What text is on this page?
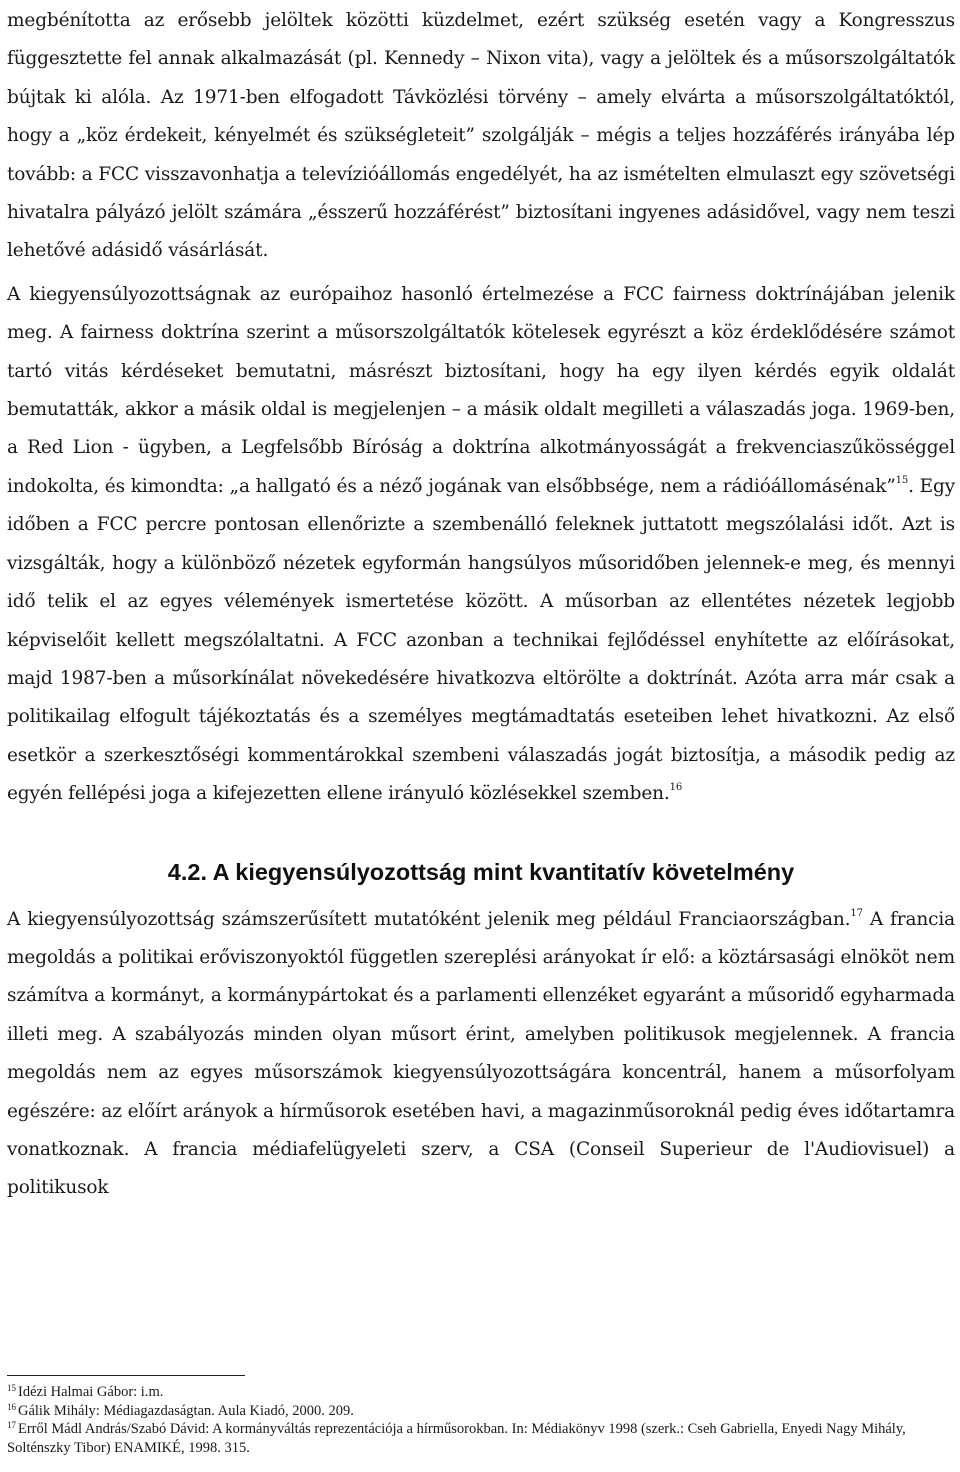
megbénította az erősebb jelöltek közötti küzdelmet, ezért szükség esetén vagy a Kongresszus függesztette fel annak alkalmazását (pl. Kennedy – Nixon vita), vagy a jelöltek és a műsorszolgáltatók bújtak ki alóla. Az 1971-ben elfogadott Távközlési törvény – amely elvárta a műsorszolgáltatóktól, hogy a „köz érdekeit, kényelmét és szükségleteit” szolgálják – mégis a teljes hozzáférés irányába lép tovább: a FCC visszavonhatja a televízióállomás engedélyét, ha az ismételten elmulaszt egy szövetségi hivatalra pályázó jelölt számára „ésszerű hozzáférést” biztosítani ingyenes adásidővel, vagy nem teszi lehetővé adásidő vásárlását.

A kiegyensúlyozottságnak az európaihoz hasonló értelmezése a FCC fairness doktrínájában jelenik meg. A fairness doktrína szerint a műsorszolgáltatók kötelesek egyrészt a köz érdeklődésére számot tartó vitás kérdéseket bemutatni, másrészt biztosítani, hogy ha egy ilyen kérdés egyik oldalát bemutatták, akkor a másik oldal is megjelenjen – a másik oldalt megilleti a válaszadás joga. 1969-ben, a Red Lion - ügyben, a Legfelsőbb Bíróság a doktrína alkotmányosságát a frekvenciaszűkösséggel indokolta, és kimondta: „a hallgató és a néző jogának van elsőbbsége, nem a rádióállomásénak”$^{15}$. Egy időben a FCC percre pontosan ellenőrizte a szembenálló feleknek juttatott megszólalási időt. Azt is vizsgálták, hogy a különböző nézetek egyformán hangsúlyos műsoridőben jelennek-e meg, és mennyi idő telik el az egyes vélemények ismertetése között. A műsorban az ellentétes nézetek legjobb képviselőit kellett megszólaltatni. A FCC azonban a technikai fejlődéssel enyhítette az előírásokat, majd 1987-ben a műsorkínálat növekedésére hivatkozva eltörölte a doktrínát. Azóta arra már csak a politikailag elfogult tájékoztatás és a személyes megtámadtatás eseteiben lehet hivatkozni. Az első esetkör a szerkesztőségi kommentárokkal szembeni válaszadás jogát biztosítja, a második pedig az egyén fellépési joga a kifejezetten ellene irányuló közlésekkel szemben.$^{16}$

4.2. A kiegyensúlyozottság mint kvantitatív követelmény

A kiegyensúlyozottság számszerűsített mutatóként jelenik meg például Franciaországban.$^{17}$ A francia megoldás a politikai erőviszonyoktól független szereplési arányokat ír elő: a köztársasági elnököt nem számítva a kormányt, a kormánypártokat és a parlamenti ellenzéket egyaránt a műsoridő egyharmada illeti meg. A szabályozás minden olyan műsort érint, amelyben politikusok megjelennek. A francia megoldás nem az egyes műsorszámok kiegyensúlyozottságára koncentrál, hanem a műsorfolyam egészére: az előírt arányok a hírműsorok esetében havi, a magazinműsoroknál pedig éves időtartamra vonatkoznak. A francia médiafelügyeleti szerv, a CSA (Conseil Superieur de l'Audiovisuel) a politikusok

$^{15}$ Idézi Halmai Gábor: i.m.

$^{16}$ Gálik Mihály: Médiagazdaságtan. Aula Kiadó, 2000. 209.

$^{17}$ Erről Mádl András/Szabó Dávid: A kormányváltás reprezentációja a hírműsorokban. In: Médiakönyv 1998 (szerk.: Cseh Gabriella, Enyedi Nagy Mihály, Solténszky Tibor) ENAMIKÉ, 1998. 315.
